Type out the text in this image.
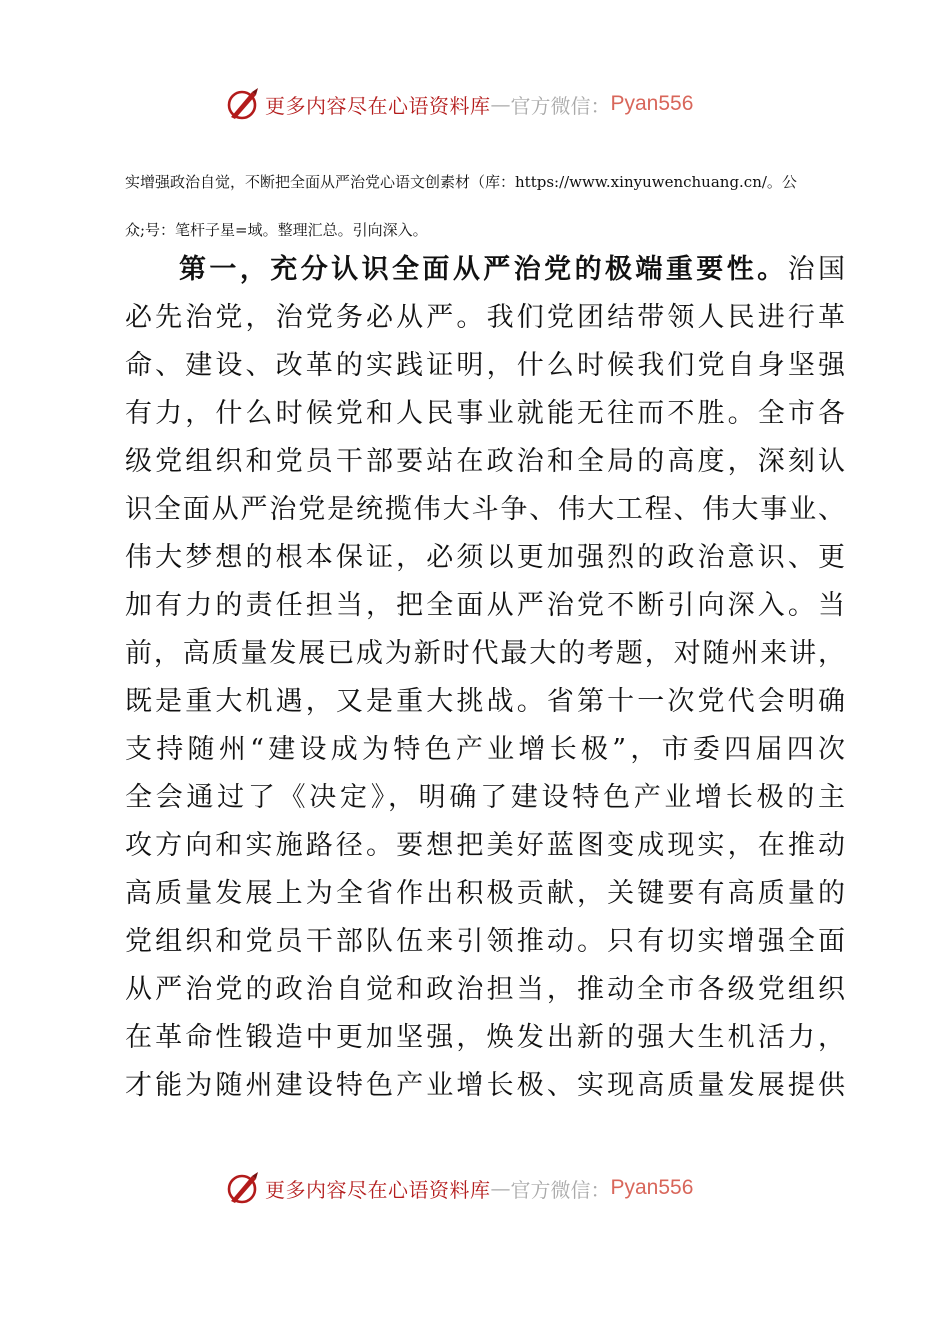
更多内容尽在心语资料库 — 官方微信： Pyan556
实增强政治自觉，不断把全面从严治党心语文创素材（库：https://www.xinyuwenchuang.cn/。公
众;号：笔杆子星=域。整理汇总。引向深入。
第一，充分认识全面从严治党的极端重要性。治国
必先治党，治党务必从严。我们党团结带领人民进行革
命、建设、改革的实践证明，什么时候我们党自身坚强
有力，什么时候党和人民事业就能无往而不胜。全市各
级党组织和党员干部要站在政治和全局的高度，深刻认
识全面从严治党是统揽伟大斗争、伟大工程、伟大事业、
伟大梦想的根本保证，必须以更加强烈的政治意识、更
加有力的责任担当，把全面从严治党不断引向深入。当
前，高质量发展已成为新时代最大的考题，对随州来讲，
既是重大机遇，又是重大挑战。省第十一次党代会明确
支持随州“建设成为特色产业增长极”，市委四届四次
全会通过了《决定》，明确了建设特色产业增长极的主
攻方向和实施路径。要想把美好蓝图变成现实，在推动
高质量发展上为全省作出积极贡献，关键要有高质量的
党组织和党员干部队伍来引领推动。只有切实增强全面
从严治党的政治自觉和政治担当，推动全市各级党组织
在革命性锻造中更加坚强，焕发出新的强大生机活力，
才能为随州建设特色产业增长极、实现高质量发展提供
更多内容尽在心语资料库 — 官方微信： Pyan556
